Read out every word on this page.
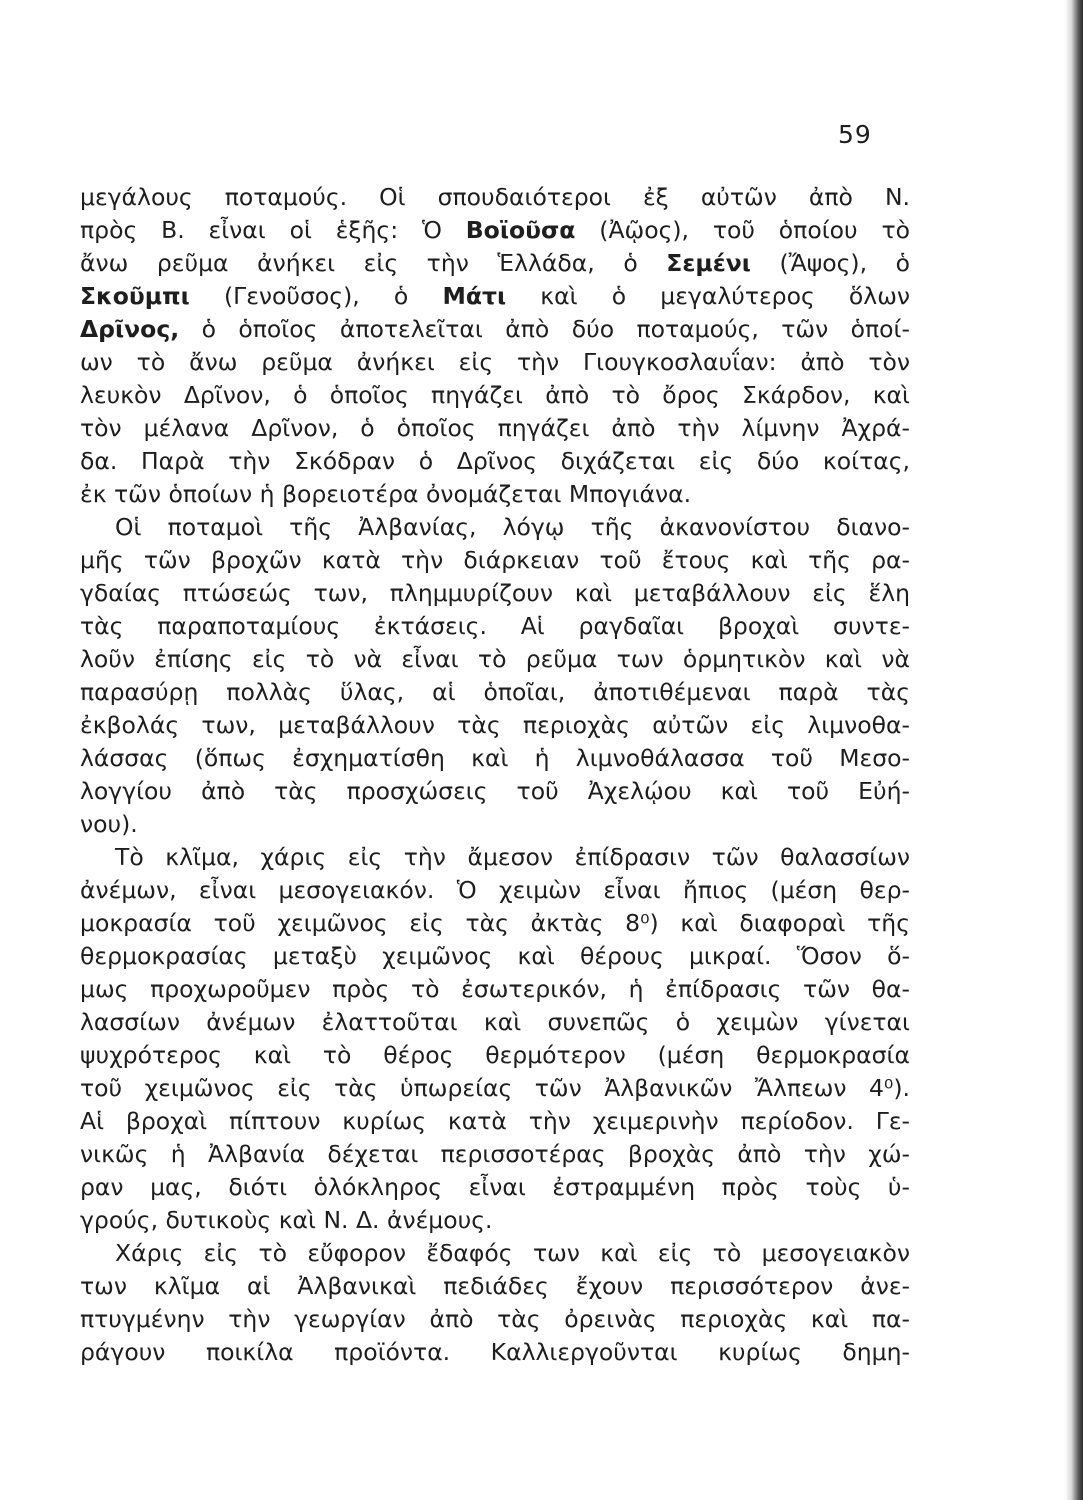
59
μεγάλους ποταμούς. Οἱ σπουδαιότεροι ἐξ αὐτῶν ἀπὸ Ν.
πρὸς Β. εἶναι οἱ ἑξῆς: Ὁ Βοϊοῦσα (Ἀῷος), τοῦ ὁποίου τὸ
ἄνω ρεῦμα ἀνήκει εἰς τὴν Ἑλλάδα, ὁ Σεμένι (Ἄψος), ὁ
Σκοῦμπι (Γενοῦσος), ὁ Μάτι καὶ ὁ μεγαλύτερος ὅλων
Δρῖνος, ὁ ὁποῖος ἀποτελεῖται ἀπὸ δύο ποταμούς, τῶν ὁποί-
ων τὸ ἄνω ρεῦμα ἀνήκει εἰς τὴν Γιουγκοσλαυΐαν: ἀπὸ τὸν
λευκὸν Δρῖνον, ὁ ὁποῖος πηγάζει ἀπὸ τὸ ὄρος Σκάρδον, καὶ
τὸν μέλανα Δρῖνον, ὁ ὁποῖος πηγάζει ἀπὸ τὴν λίμνην Ἀχρά-
δα. Παρὰ τὴν Σκόδραν ὁ Δρῖνος διχάζεται εἰς δύο κοίτας,
ἐκ τῶν ὁποίων ἡ βορειοτέρα ὀνομάζεται Μπογιάνα.
Οἱ ποταμοὶ τῆς Ἀλβανίας, λόγῳ τῆς ἀκανονίστου διανο-
μῆς τῶν βροχῶν κατὰ τὴν διάρκειαν τοῦ ἔτους καὶ τῆς ρα-
γδαίας πτώσεώς των, πλημμυρίζουν καὶ μεταβάλλουν εἰς ἕλη
τὰς παραποταμίους ἐκτάσεις. Αἱ ραγδαῖαι βροχαὶ συντε-
λοῦν ἐπίσης εἰς τὸ νὰ εἶναι τὸ ρεῦμα των ὁρμητικὸν καὶ νὰ
παρασύρῃ πολλὰς ὕλας, αἱ ὁποῖαι, ἀποτιθέμεναι παρὰ τὰς
ἐκβολάς των, μεταβάλλουν τὰς περιοχὰς αὐτῶν εἰς λιμνοθα-
λάσσας (ὅπως ἐσχηματίσθη καὶ ἡ λιμνοθάλασσα τοῦ Μεσο-
λογγίου ἀπὸ τὰς προσχώσεις τοῦ Ἀχελῴου καὶ τοῦ Εὐή-
νου).
Τὸ κλῖμα, χάρις εἰς τὴν ἄμεσον ἐπίδρασιν τῶν θαλασσίων
ἀνέμων, εἶναι μεσογειακόν. Ὁ χειμὼν εἶναι ἤπιος (μέση θερ-
μοκρασία τοῦ χειμῶνος εἰς τὰς ἀκτὰς 8⁰) καὶ διαφοραὶ τῆς
θερμοκρασίας μεταξὺ χειμῶνος καὶ θέρους μικραί. Ὅσον ὅ-
μως προχωροῦμεν πρὸς τὸ ἐσωτερικόν, ἡ ἐπίδρασις τῶν θα-
λασσίων ἀνέμων ἐλαττοῦται καὶ συνεπῶς ὁ χειμὼν γίνεται
ψυχρότερος καὶ τὸ θέρος θερμότερον (μέση θερμοκρασία
τοῦ χειμῶνος εἰς τὰς ὑπωρείας τῶν Ἀλβανικῶν Ἄλπεων 4⁰).
Αἱ βροχαὶ πίπτουν κυρίως κατὰ τὴν χειμερινὴν περίοδον. Γε-
νικῶς ἡ Ἀλβανία δέχεται περισσοτέρας βροχὰς ἀπὸ τὴν χώ-
ραν μας, διότι ὁλόκληρος εἶναι ἐστραμμένη πρὸς τοὺς ὑ-
γρούς, δυτικοὺς καὶ Ν. Δ. ἀνέμους.
Χάρις εἰς τὸ εὔφορον ἔδαφός των καὶ εἰς τὸ μεσογειακὸν
των κλῖμα αἱ Ἀλβανικαὶ πεδιάδες ἔχουν περισσότερον ἀνε-
πτυγμένην τὴν γεωργίαν ἀπὸ τὰς ὀρεινὰς περιοχὰς καὶ πα-
ράγουν ποικίλα προϊόντα. Καλλιεργοῦνται κυρίως δημη-
